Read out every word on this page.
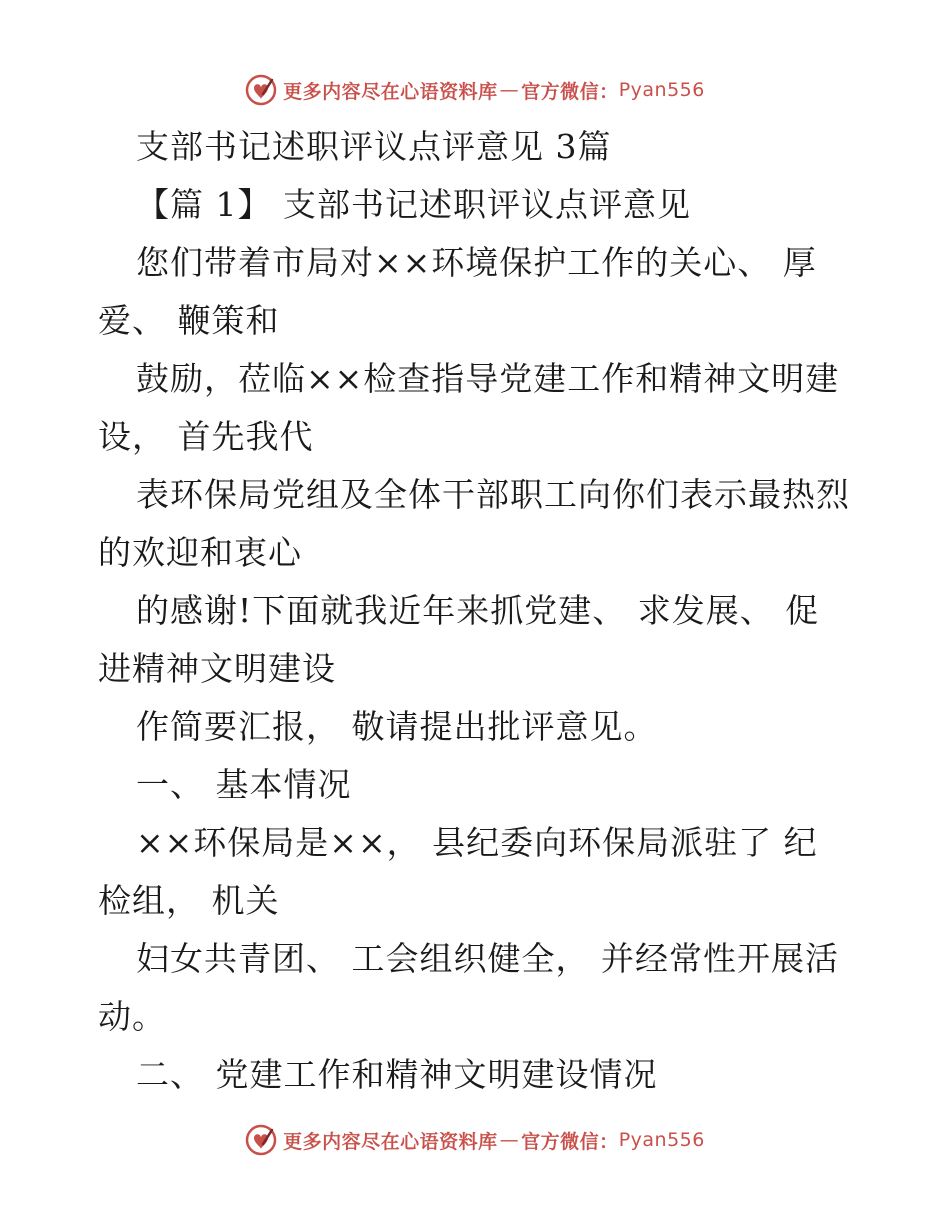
更多内容尽在心语资料库 — 官方微信： Pyan556
支部书记述职评议点评意见 3篇
【篇 1】 支部书记述职评议点评意见
您们带着市局对××环境保护工作的关心、 厚
爱、 鞭策和
鼓励，莅临××检查指导党建工作和精神文明建
设， 首先我代
表环保局党组及全体干部职工向你们表示最热烈
的欢迎和衷心
的感谢!下面就我近年来抓党建、 求发展、 促
进精神文明建设
作简要汇报， 敬请提出批评意见。
一、 基本情况
××环保局是××， 县纪委向环保局派驻了 纪
检组， 机关
妇女共青团、 工会组织健全， 并经常性开展活
动。
二、 党建工作和精神文明建设情况
更多内容尽在心语资料库 — 官方微信： Pyan556
